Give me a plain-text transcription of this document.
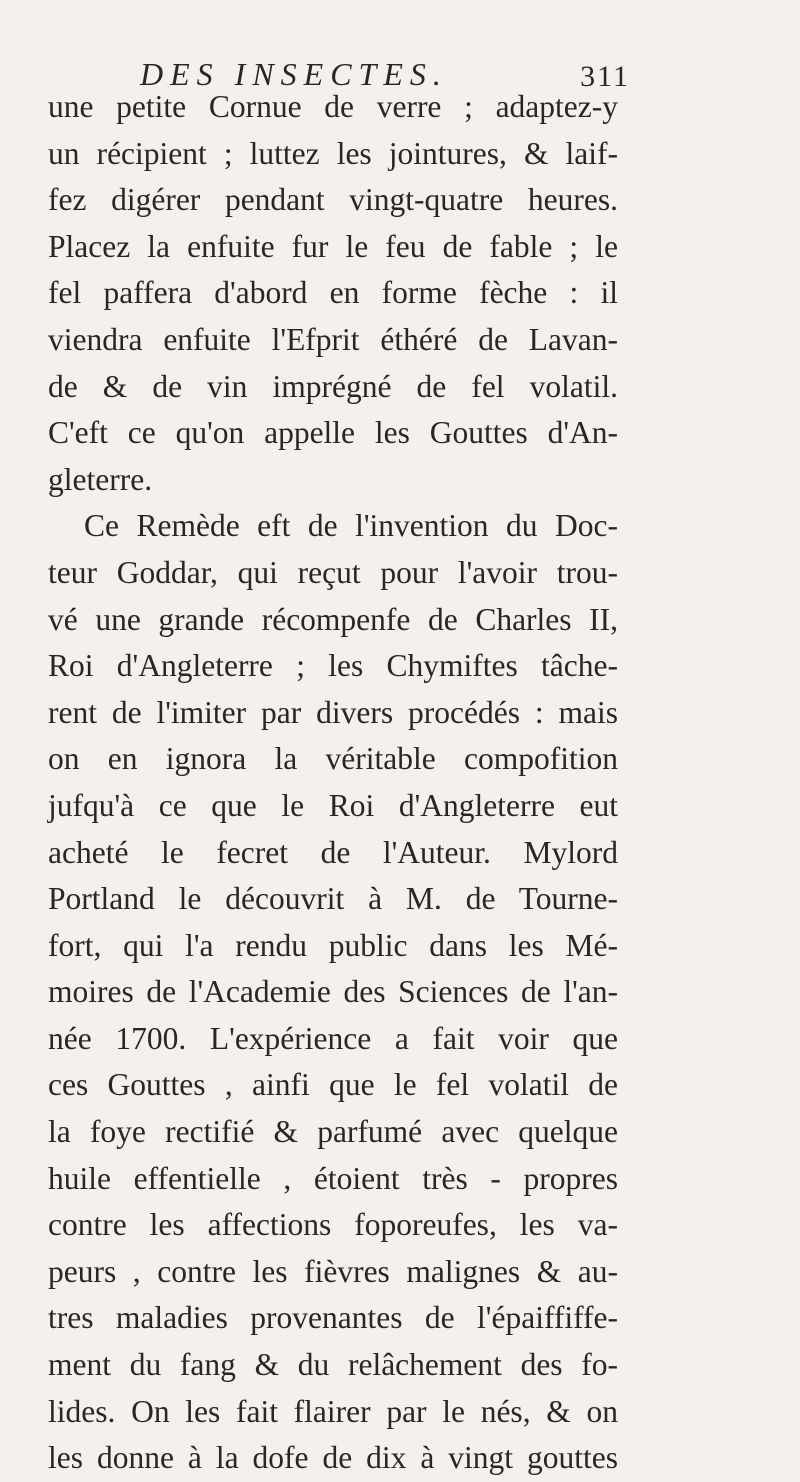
DES INSECTES.	311
une petite Cornue de verre ; adaptez-y
un récipient ; luttez les jointures, & laif-
fez digérer pendant vingt-quatre heures.
Placez la enfuite fur le feu de fable ; le
fel paffera d'abord en forme fèche : il
viendra enfuite l'Efprit éthéré de Lavan-
de & de vin imprégné de fel volatil.
C'eft ce qu'on appelle les Gouttes d'An-
gleterre.
Ce Remède eft de l'invention du Doc-
teur Goddar, qui reçut pour l'avoir trou-
vé une grande récompenfe de Charles II,
Roi d'Angleterre ; les Chymiftes tâche-
rent de l'imiter par divers procédés : mais
on en ignora la véritable compofition
jufqu'à ce que le Roi d'Angleterre eut
acheté le fecret de l'Auteur. Mylord
Portland le découvrit à M. de Tourne-
fort, qui l'a rendu public dans les Mé-
moires de l'Academie des Sciences de l'an-
née 1700. L'expérience a fait voir que
ces Gouttes , ainfi que le fel volatil de
la foye rectifié & parfumé avec quelque
huile effentielle , étoient très - propres
contre les affections foporeufes, les va-
peurs , contre les fièvres malignes & au-
tres maladies provenantes de l'épaiffiffe-
ment du fang & du relâchement des fo-
lides. On les fait flairer par le nés, & on
les donne à la dofe de dix à vingt gouttes
